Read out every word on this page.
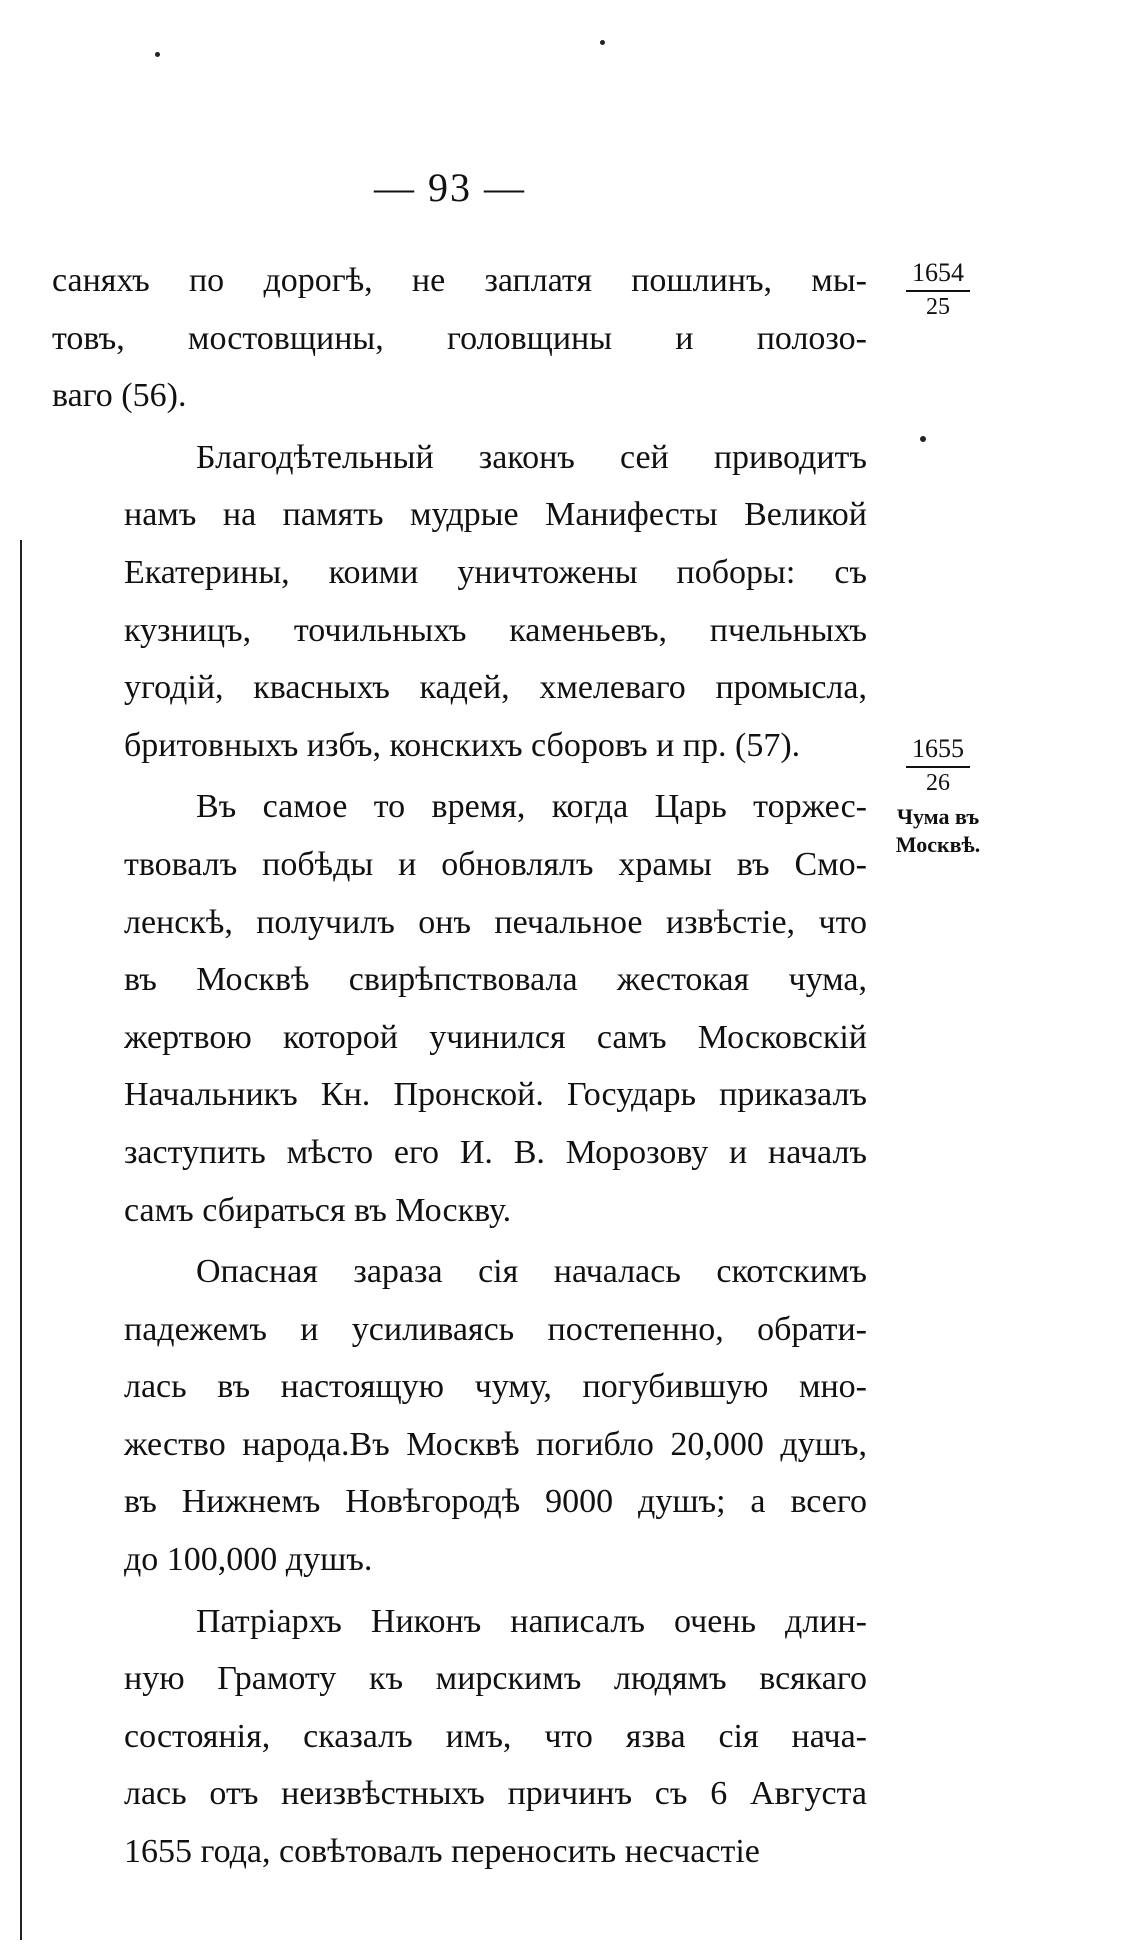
— 93 —
1654
25
1655
26
Чума въ
Москвѣ.
саняхъ по дорогѣ, не заплатя пошлинъ, мы-
товъ, мостовщины, головщины и полозо-
ваго (56).
Благодѣтельный законъ сей приводитъ
намъ на память мудрые Манифесты Великой
Екатерины, коими уничтожены поборы: съ
кузницъ, точильныхъ каменьевъ, пчельныхъ
угодій, квасныхъ кадей, хмелеваго промысла,
бритовныхъ избъ, конскихъ сборовъ и пр. (57).
Въ самое то время, когда Царь торжес-
твовалъ побѣды и обновлялъ храмы въ Смо-
ленскѣ, получилъ онъ печальное извѣстіе, что
въ Москвѣ свирѣпствовала жестокая чума,
жертвою которой учинился самъ Московскій
Начальникъ Кн. Пронской. Государь приказалъ
заступить мѣсто его И. В. Морозову и началъ
самъ сбираться въ Москву.
Опасная зараза сія началась скотскимъ
падежемъ и усиливаясь постепенно, обрати-
лась въ настоящую чуму, погубившую мно-
жество народа.Въ Москвѣ погибло 20,000 душъ,
въ Нижнемъ Новѣгородѣ 9000 душъ; а всего
до 100,000 душъ.
Патріархъ Никонъ написалъ очень длин-
ную Грамоту къ мирскимъ людямъ всякаго
состоянія, сказалъ имъ, что язва сія нача-
лась отъ неизвѣстныхъ причинъ съ 6 Августа
1655 года, совѣтовалъ переносить несчастіе
